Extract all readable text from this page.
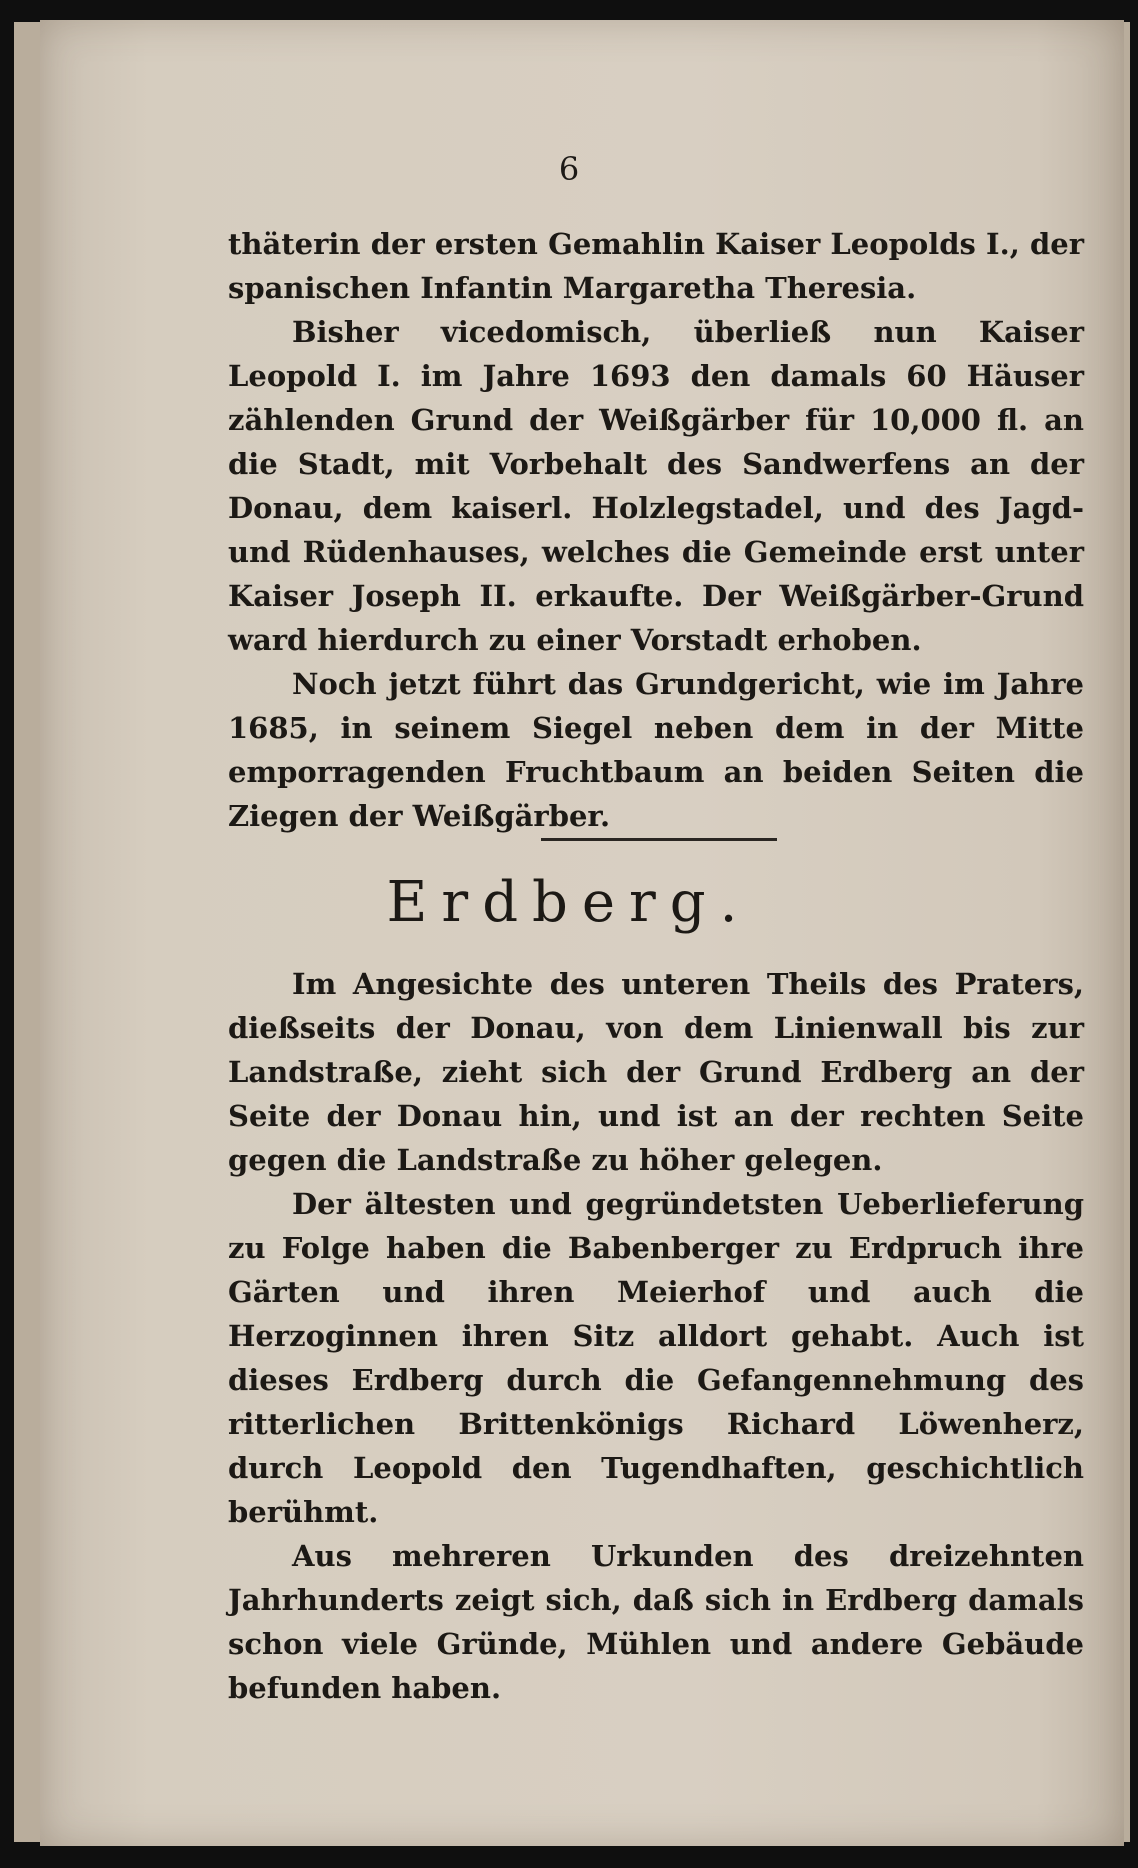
6

thäterin der ersten Gemahlin Kaiser Leopolds I., der spanischen Infantin Margaretha Theresia.

Bisher vicedomisch, überließ nun Kaiser Leopold I. im Jahre 1693 den damals 60 Häuser zählenden Grund der Weißgärber für 10,000 fl. an die Stadt, mit Vorbehalt des Sandwerfens an der Donau, dem kaiserl. Holzlegstadel, und des Jagd- und Rüdenhauses, welches die Gemeinde erst unter Kaiser Joseph II. erkaufte. Der Weißgärber-Grund ward hierdurch zu einer Vorstadt erhoben.

Noch jetzt führt das Grundgericht, wie im Jahre 1685, in seinem Siegel neben dem in der Mitte emporragenden Fruchtbaum an beiden Seiten die Ziegen der Weißgärber.

Erdberg.

Im Angesichte des unteren Theils des Praters, dießseits der Donau, von dem Linienwall bis zur Landstraße, zieht sich der Grund Erdberg an der Seite der Donau hin, und ist an der rechten Seite gegen die Landstraße zu höher gelegen.

Der ältesten und gegründetsten Ueberlieferung zu Folge haben die Babenberger zu Erdpruch ihre Gärten und ihren Meierhof und auch die Herzoginnen ihren Sitz alldort gehabt. Auch ist dieses Erdberg durch die Gefangennehmung des ritterlichen Brittenkönigs Richard Löwenherz, durch Leopold den Tugendhaften, geschichtlich berühmt.

Aus mehreren Urkunden des dreizehnten Jahrhunderts zeigt sich, daß sich in Erdberg damals schon viele Gründe, Mühlen und andere Gebäude befunden haben.
